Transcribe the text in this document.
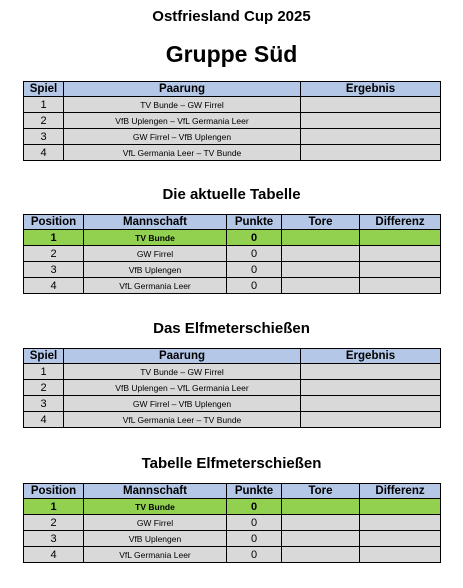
Ostfriesland Cup 2025
Gruppe Süd
Spiel	Paarung	Ergebnis
1	TV Bunde – GW Firrel	
2	VfB Uplengen – VfL Germania Leer	
3	GW Firrel – VfB Uplengen	
4	VfL Germania Leer – TV Bunde	
Die aktuelle Tabelle
Position	Mannschaft	Punkte	Tore	Differenz
1	TV Bunde	0		
2	GW Firrel	0		
3	VfB Uplengen	0		
4	VfL Germania Leer	0		
Das Elfmeterschießen
Spiel	Paarung	Ergebnis
1	TV Bunde – GW Firrel	
2	VfB Uplengen – VfL Germania Leer	
3	GW Firrel – VfB Uplengen	
4	VfL Germania Leer – TV Bunde	
Tabelle Elfmeterschießen
Position	Mannschaft	Punkte	Tore	Differenz
1	TV Bunde	0		
2	GW Firrel	0		
3	VfB Uplengen	0		
4	VfL Germania Leer	0		
